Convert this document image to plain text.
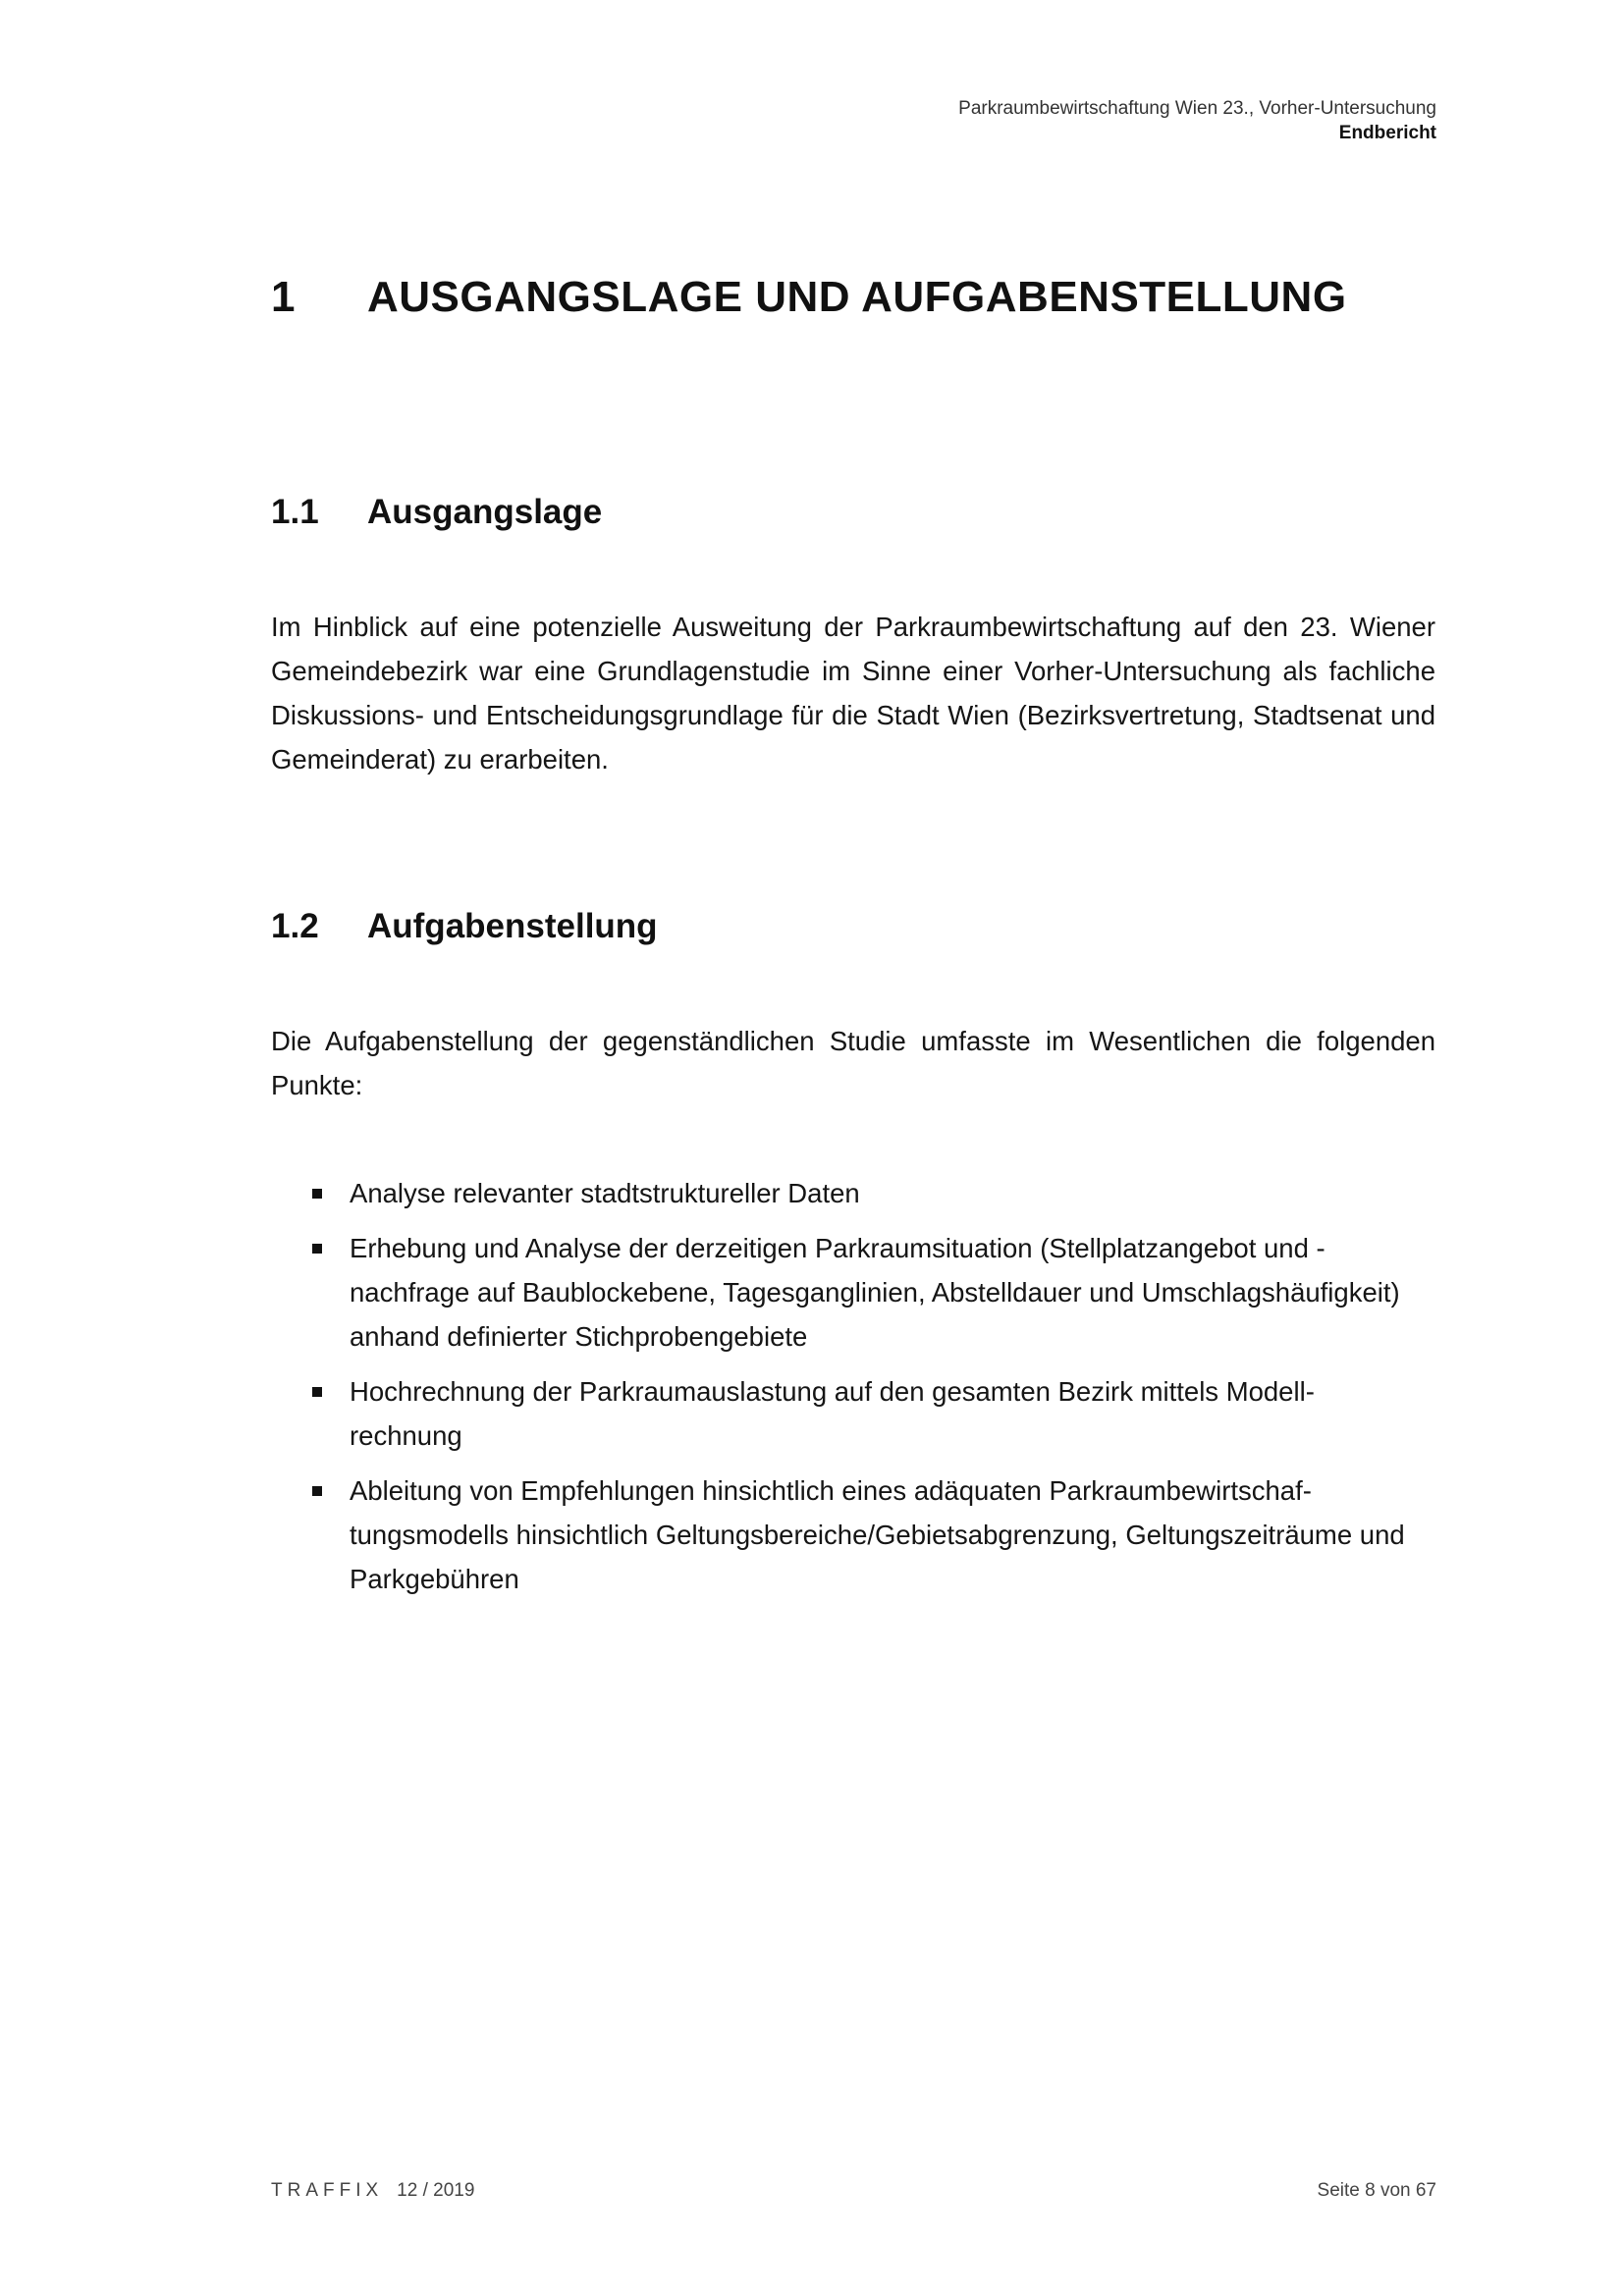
Parkraumbewirtschaftung Wien 23., Vorher-Untersuchung
Endbericht
1 AUSGANGSLAGE UND AUFGABENSTELLUNG
1.1 Ausgangslage

Im Hinblick auf eine potenzielle Ausweitung der Parkraumbewirtschaftung auf den 23. Wiener Gemeindebezirk war eine Grundlagenstudie im Sinne einer Vorher-Untersuchung als fachliche Diskussions- und Entscheidungsgrundlage für die Stadt Wien (Bezirksvertretung, Stadtsenat und Gemeinderat) zu erarbeiten.

1.2 Aufgabenstellung

Die Aufgabenstellung der gegenständlichen Studie umfasste im Wesentlichen die folgenden Punkte:

Analyse relevanter stadtstruktureller Daten
Erhebung und Analyse der derzeitigen Parkraumsituation (Stellplatzangebot und -nachfrage auf Baublockebene, Tagesganglinien, Abstelldauer und Umschlagshäufigkeit) anhand definierter Stichprobengebiete
Hochrechnung der Parkraumauslastung auf den gesamten Bezirk mittels Modellrechnung
Ableitung von Empfehlungen hinsichtlich eines adäquaten Parkraumbewirtschaftungsmodells hinsichtlich Geltungsbereiche/Gebietsabgrenzung, Geltungszeiträume und Parkgebühren
TRAFFIX 12 / 2019	Seite 8 von 67
